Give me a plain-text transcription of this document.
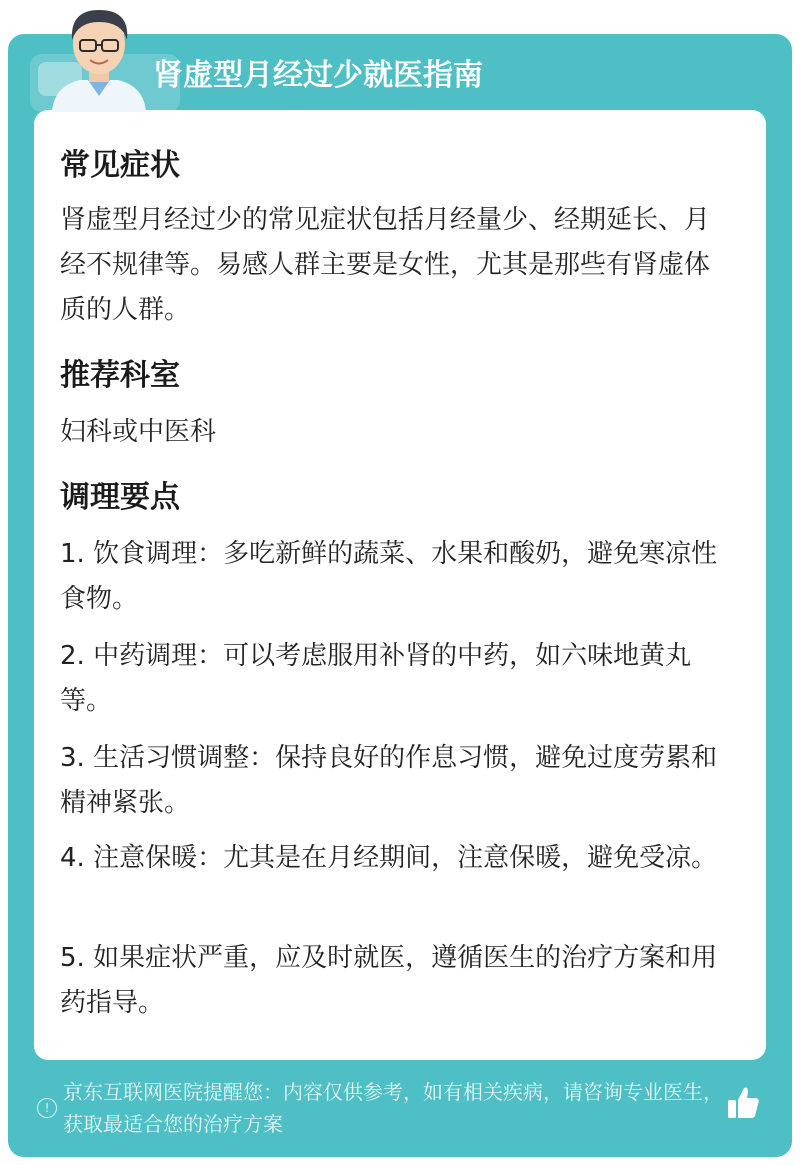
肾虚型月经过少就医指南
常见症状
肾虚型月经过少的常见症状包括月经量少、经期延长、月经不规律等。易感人群主要是女性，尤其是那些有肾虚体质的人群。
推荐科室
妇科或中医科
调理要点
1. 饮食调理：多吃新鲜的蔬菜、水果和酸奶，避免寒凉性食物。
2. 中药调理：可以考虑服用补肾的中药，如六味地黄丸等。
3. 生活习惯调整：保持良好的作息习惯，避免过度劳累和精神紧张。
4. 注意保暖：尤其是在月经期间，注意保暖，避免受凉。
5. 如果症状严重，应及时就医，遵循医生的治疗方案和用药指导。
!
京东互联网医院提醒您：内容仅供参考，如有相关疾病，请咨询专业医生，获取最适合您的治疗方案
